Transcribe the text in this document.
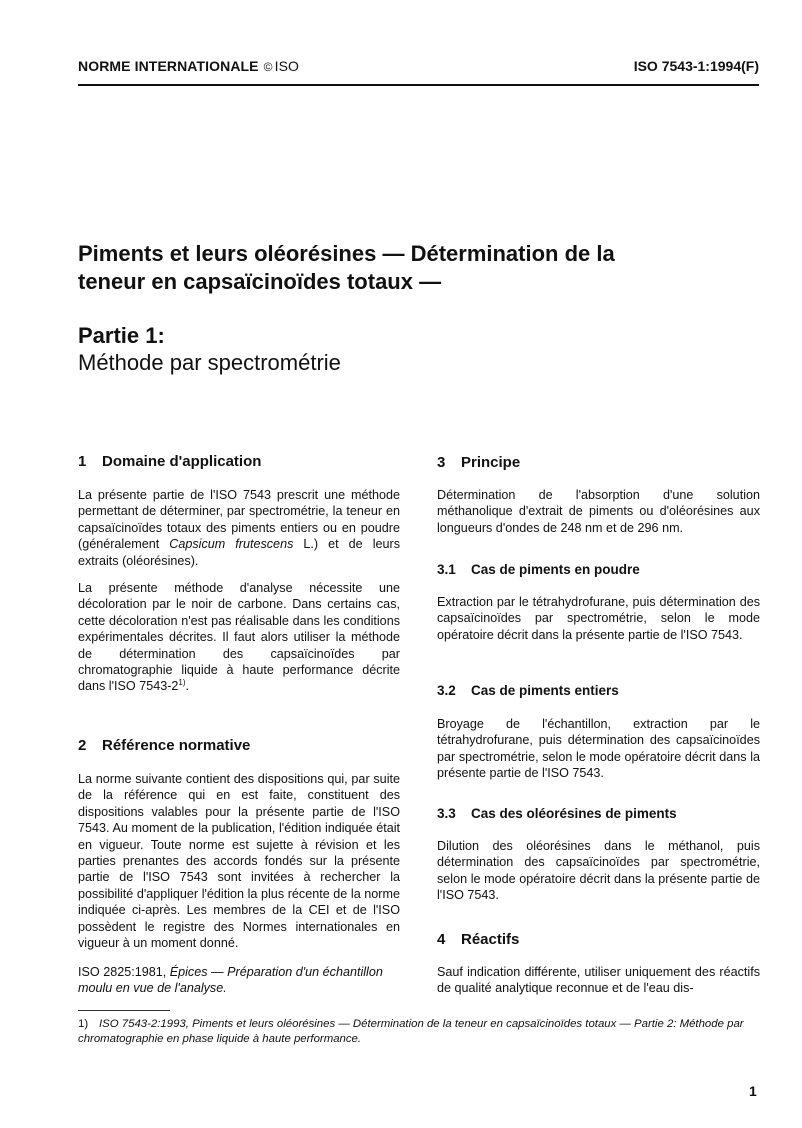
NORME INTERNATIONALE © ISO	ISO 7543-1:1994(F)
Piments et leurs oléorésines — Détermination de la
teneur en capsaïcinoïdes totaux —
Partie 1:
Méthode par spectrométrie
1 Domaine d'application

La présente partie de l'ISO 7543 prescrit une méthode permettant de déterminer, par spectrométrie, la teneur en capsaïcinoïdes totaux des piments entiers ou en poudre (généralement Capsicum frutescens L.) et de leurs extraits (oléorésines).

La présente méthode d'analyse nécessite une décoloration par le noir de carbone. Dans certains cas, cette décoloration n'est pas réalisable dans les conditions expérimentales décrites. Il faut alors utiliser la méthode de détermination des capsaïcinoïdes par chromatographie liquide à haute performance décrite dans l'ISO 7543-2$^{1)}$.

2 Référence normative

La norme suivante contient des dispositions qui, par suite de la référence qui en est faite, constituent des dispositions valables pour la présente partie de l'ISO 7543. Au moment de la publication, l'édition indiquée était en vigueur. Toute norme est sujette à révision et les parties prenantes des accords fondés sur la présente partie de l'ISO 7543 sont invitées à rechercher la possibilité d'appliquer l'édition la plus récente de la norme indiquée ci-après. Les membres de la CEI et de l'ISO possèdent le registre des Normes internationales en vigueur à un moment donné.

ISO 2825:1981, Épices — Préparation d'un échantillon moulu en vue de l'analyse.

3 Principe

Détermination de l'absorption d'une solution méthanolique d'extrait de piments ou d'oléorésines aux longueurs d'ondes de 248 nm et de 296 nm.

3.1 Cas de piments en poudre

Extraction par le tétrahydrofurane, puis détermination des capsaïcinoïdes par spectrométrie, selon le mode opératoire décrit dans la présente partie de l'ISO 7543.

3.2 Cas de piments entiers

Broyage de l'échantillon, extraction par le tétrahydrofurane, puis détermination des capsaïcinoïdes par spectrométrie, selon le mode opératoire décrit dans la présente partie de l'ISO 7543.

3.3 Cas des oléorésines de piments

Dilution des oléorésines dans le méthanol, puis détermination des capsaïcinoïdes par spectrométrie, selon le mode opératoire décrit dans la présente partie de l'ISO 7543.

4 Réactifs

Sauf indication différente, utiliser uniquement des réactifs de qualité analytique reconnue et de l'eau dis-

1) ISO 7543-2:1993, Piments et leurs oléorésines — Détermination de la teneur en capsaïcinoïdes totaux — Partie 2: Méthode par chromatographie en phase liquide à haute performance.

1
